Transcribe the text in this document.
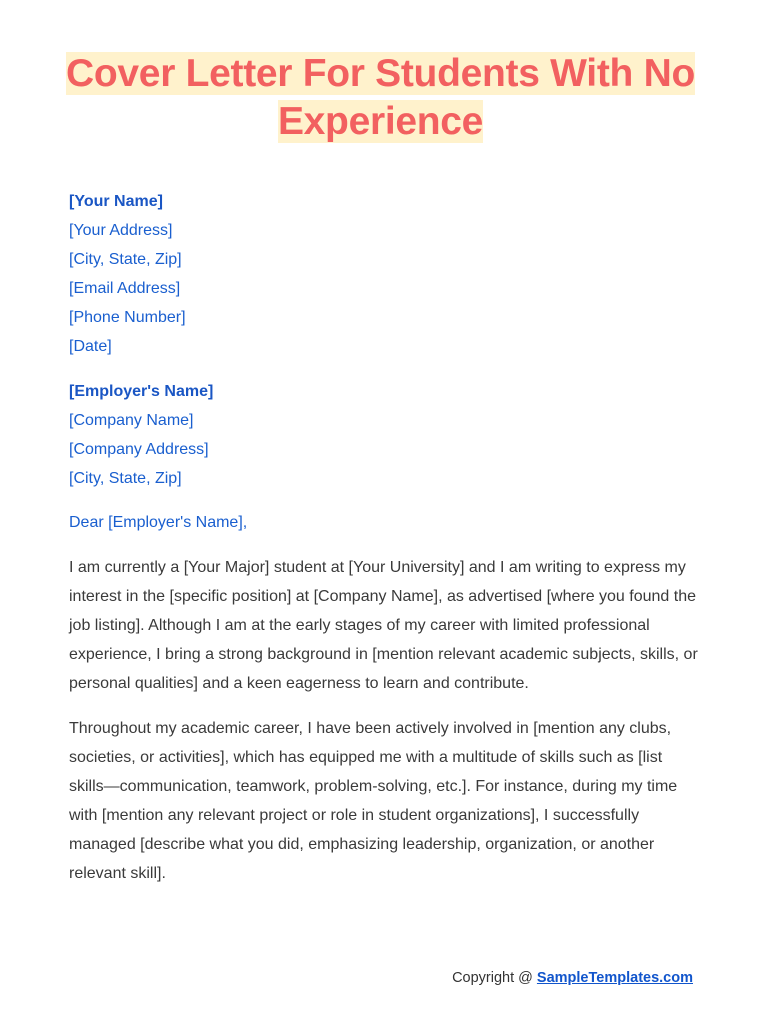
Cover Letter For Students With No Experience
[Your Name]
[Your Address]
[City, State, Zip]
[Email Address]
[Phone Number]
[Date]
[Employer's Name]
[Company Name]
[Company Address]
[City, State, Zip]
Dear [Employer's Name],
I am currently a [Your Major] student at [Your University] and I am writing to express my interest in the [specific position] at [Company Name], as advertised [where you found the job listing]. Although I am at the early stages of my career with limited professional experience, I bring a strong background in [mention relevant academic subjects, skills, or personal qualities] and a keen eagerness to learn and contribute.
Throughout my academic career, I have been actively involved in [mention any clubs, societies, or activities], which has equipped me with a multitude of skills such as [list skills—communication, teamwork, problem-solving, etc.]. For instance, during my time with [mention any relevant project or role in student organizations], I successfully managed [describe what you did, emphasizing leadership, organization, or another relevant skill].
Copyright @ SampleTemplates.com
